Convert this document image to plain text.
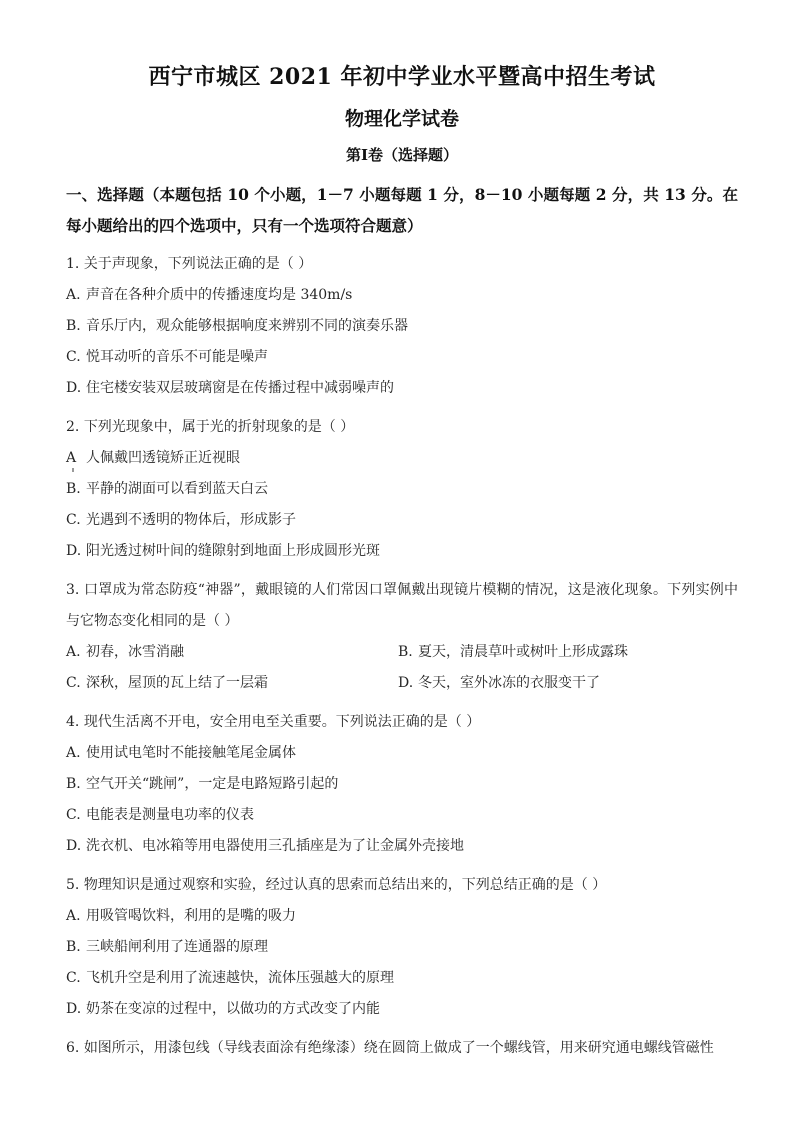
西宁市城区 2021 年初中学业水平暨高中招生考试
物理化学试卷
第Ⅰ卷（选择题）

一、选择题（本题包括 10 个小题，1－7 小题每题 1 分，8－10 小题每题 2 分，共 13 分。在每小题给出的四个选项中，只有一个选项符合题意）

1. 关于声现象，下列说法正确的是（ ）

A. 声音在各种介质中的传播速度均是 340m/s
B. 音乐厅内，观众能够根据响度来辨别不同的演奏乐器
C. 悦耳动听的音乐不可能是噪声
D. 住宅楼安装双层玻璃窗是在传播过程中减弱噪声的

2. 下列光现象中，属于光的折射现象的是（ ）

A 人佩戴凹透镜矫正近视眼
B. 平静的湖面可以看到蓝天白云
C. 光遇到不透明的物体后，形成影子
D. 阳光透过树叶间的缝隙射到地面上形成圆形光斑

3. 口罩成为常态防疫“神器”，戴眼镜的人们常因口罩佩戴出现镜片模糊的情况，这是液化现象。下列实例中与它物态变化相同的是（ ）

A. 初春，冰雪消融	B. 夏天，清晨草叶或树叶上形成露珠
C. 深秋，屋顶的瓦上结了一层霜	D. 冬天，室外冰冻的衣服变干了

4. 现代生活离不开电，安全用电至关重要。下列说法正确的是（ ）

A. 使用试电笔时不能接触笔尾金属体
B. 空气开关“跳闸”，一定是电路短路引起的
C. 电能表是测量电功率的仪表
D. 洗衣机、电冰箱等用电器使用三孔插座是为了让金属外壳接地

5. 物理知识是通过观察和实验，经过认真的思索而总结出来的，下列总结正确的是（ ）

A. 用吸管喝饮料，利用的是嘴的吸力
B. 三峡船闸利用了连通器的原理
C. 飞机升空是利用了流速越快，流体压强越大的原理
D. 奶茶在变凉的过程中，以做功的方式改变了内能

6. 如图所示，用漆包线（导线表面涂有绝缘漆）绕在圆筒上做成了一个螺线管，用来研究通电螺线管磁性
